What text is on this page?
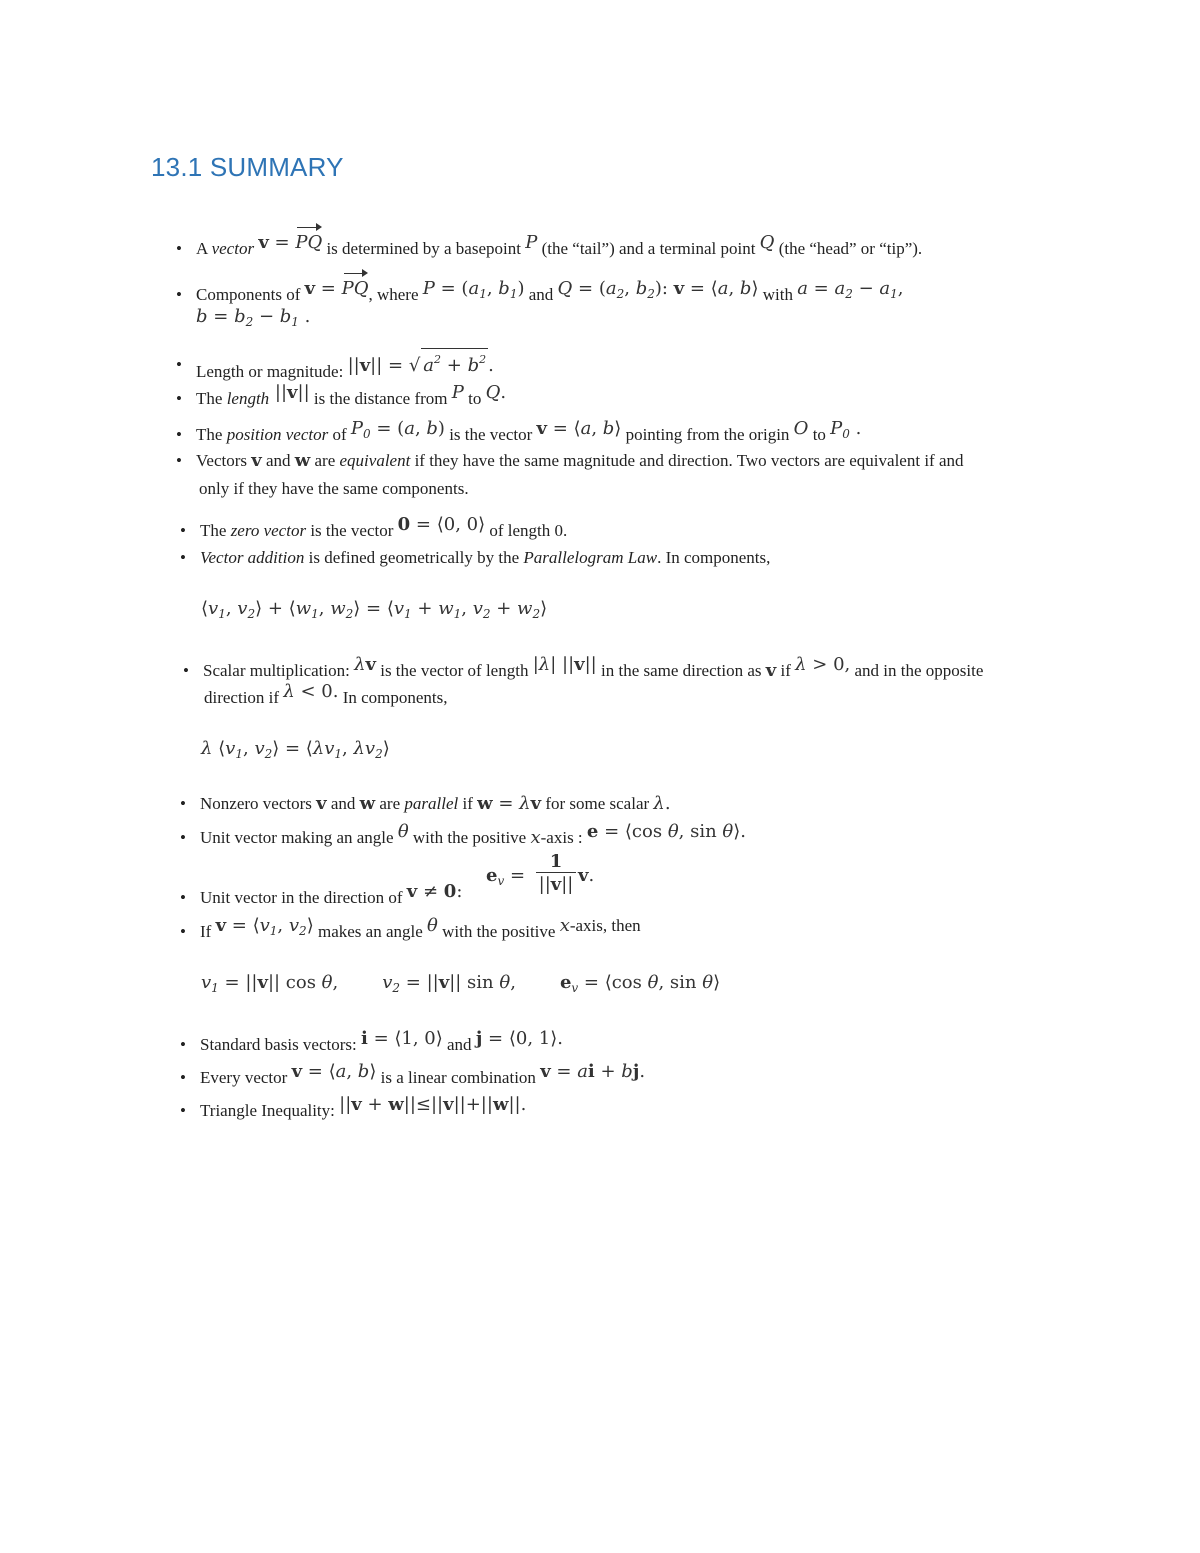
13.1 SUMMARY
• A vector v = PQ is determined by a basepoint P (the “tail”) and a terminal point Q (the “head” or “tip”).
• Components of v = PQ, where $P = (a_1$, $b_1$) and $Q = (a_2$, $b_2$): v = ⟨a, b⟩ with $a = a_2 - a_1$,
$b = b_2 - b_1$ .
• Length or magnitude: ||v|| = √ $a^2 + b^2$ .
• The length ||v|| is the distance from P to Q.
• The position vector of $P_0 = (a$, b) is the vector v = ⟨a, b⟩ pointing from the origin O to $P_0$ .
• Vectors v and w are equivalent if they have the same magnitude and direction. Two vectors are equivalent if and
only if they have the same components.
• The zero vector is the vector 0 = ⟨0, 0⟩ of length 0.
• Vector addition is defined geometrically by the Parallelogram Law. In components,
$⟨v_1$, $v_2⟩$ + $⟨w_1$, $w_2⟩$ = $⟨v_1 + w_1$, $v_2$ + $w_2⟩$
• Scalar multiplication: λv is the vector of length |λ| ||v|| in the same direction as v if λ > 0, and in the opposite
direction if λ < 0. In components,
λ $⟨v_1$, $v_2⟩$ = $⟨\lambda v_1$, $\lambda v_2⟩$
• Nonzero vectors v and w are parallel if w = λv for some scalar λ.
• Unit vector making an angle θ with the positive x-axis : e = ⟨cos θ, sin θ⟩.
• Unit vector in the direction of v ≠ 0:
$e_v = \frac{1}{||v||} v$.
• If $v = ⟨v_1$, $v_2⟩$ makes an angle θ with the positive x-axis, then
$v_1 = ||v||$ cos θ, $v_2 = ||v||$ sin θ, $e_v$ = ⟨cos θ, sin θ⟩
• Standard basis vectors: i = ⟨1, 0⟩ and j = ⟨0, 1⟩.
• Every vector v = ⟨a, b⟩ is a linear combination v = ai + bj.
• Triangle Inequality: ||v + w||≤||v||+||w||.
